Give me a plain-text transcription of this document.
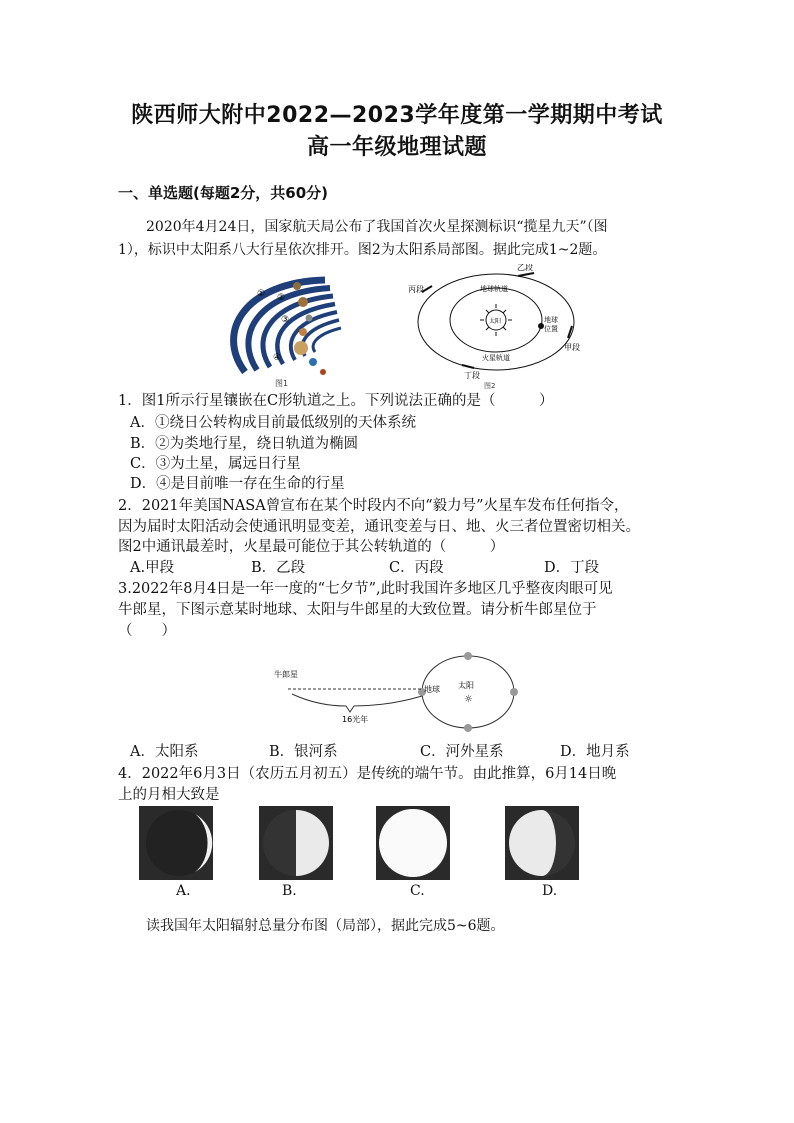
陕西师大附中2022—2023学年度第一学期期中考试
高一年级地理试题
一、单选题(每题2分，共60分)
2020年4月24日，国家航天局公布了我国首次火星探测标识“揽星九天”（图
1），标识中太阳系八大行星依次排开。图2为太阳系局部图。据此完成1~2题。
① ②
③
④
图1
乙段
丙段	地球轨道
太阳	地球
位置
甲段
火星轨道
丁段
图2
1．图1所示行星镶嵌在C形轨道之上。下列说法正确的是（　　　）
A．①绕日公转构成目前最低级别的天体系统
B．②为类地行星，绕日轨道为椭圆
C．③为土星，属远日行星
D．④是目前唯一存在生命的行星
2．2021年美国NASA曾宣布在某个时段内不向“毅力号”火星车发布任何指令，
因为届时太阳活动会使通讯明显变差，通讯变差与日、地、火三者位置密切相关。
图2中通讯最差时，火星最可能位于其公转轨道的（　　　）
A.甲段	B．乙段	C．丙段	D．丁段
3.2022年8月4日是一年一度的“七夕节”,此时我国许多地区几乎整夜肉眼可见
牛郎星，下图示意某时地球、太阳与牛郎星的大致位置。请分析牛郎星位于
（　　）
牛郎星
地球 太阳
☼
16光年
A．太阳系	B．银河系	C．河外星系	D．地月系
4．2022年6月3日（农历五月初五）是传统的端午节。由此推算，6月14日晚
上的月相大致是
A.	B.	C.	D.
读我国年太阳辐射总量分布图（局部），据此完成5~6题。
